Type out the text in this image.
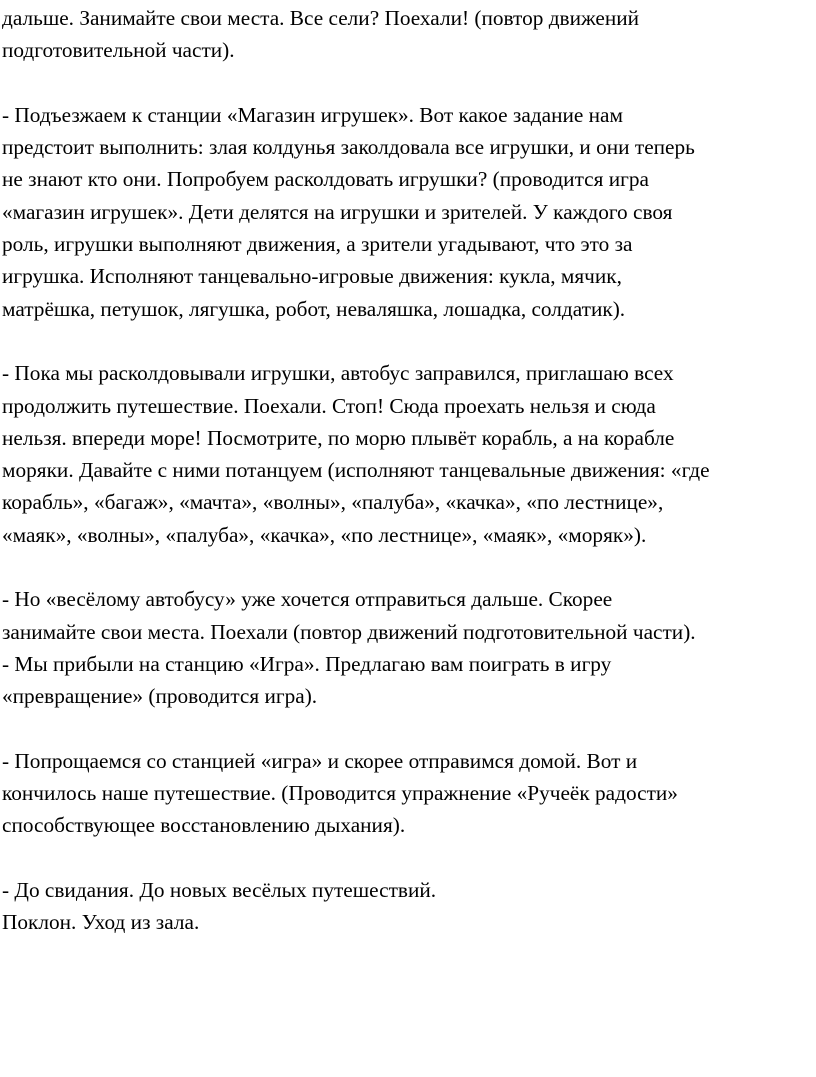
дальше. Занимайте свои места. Все сели? Поехали! (повтор движений
подготовительной части).
- Подъезжаем к станции «Магазин игрушек». Вот какое задание нам
предстоит выполнить: злая колдунья заколдовала все игрушки, и они теперь
не знают кто они. Попробуем расколдовать игрушки? (проводится игра
«магазин игрушек». Дети делятся на игрушки и зрителей. У каждого своя
роль, игрушки выполняют движения, а зрители угадывают, что это за
игрушка. Исполняют танцевально-игровые движения: кукла, мячик,
матрёшка, петушок, лягушка, робот, неваляшка, лошадка, солдатик).
- Пока мы расколдовывали игрушки, автобус заправился, приглашаю всех
продолжить путешествие. Поехали. Стоп! Сюда проехать нельзя и сюда
нельзя. впереди море! Посмотрите, по морю плывёт корабль, а на корабле
моряки. Давайте с ними потанцуем (исполняют танцевальные движения: «где
корабль», «багаж», «мачта», «волны», «палуба», «качка», «по лестнице»,
«маяк», «волны», «палуба», «качка», «по лестнице», «маяк», «моряк»).
- Но «весёлому автобусу» уже хочется отправиться дальше. Скорее
занимайте свои места. Поехали (повтор движений подготовительной части).
- Мы прибыли на станцию «Игра». Предлагаю вам поиграть в игру
«превращение» (проводится игра).
- Попрощаемся со станцией «игра» и скорее отправимся домой. Вот и
кончилось наше путешествие. (Проводится упражнение «Ручеёк радости»
способствующее восстановлению дыхания).
- До свидания. До новых весёлых путешествий.
Поклон. Уход из зала.
